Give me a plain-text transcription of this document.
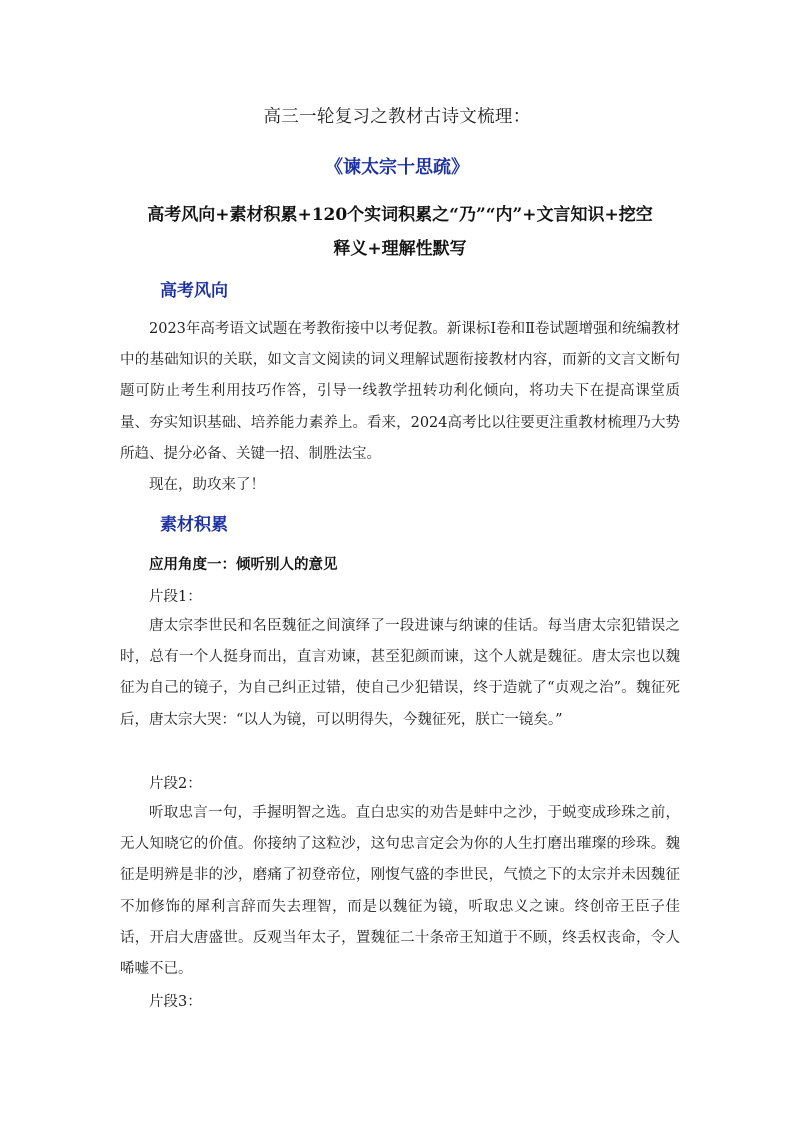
高三一轮复习之教材古诗文梳理：
《谏太宗十思疏》
高考风向+素材积累+120个实词积累之“乃”“内”+文言知识+挖空
释义+理解性默写
高考风向

2023年高考语文试题在考教衔接中以考促教。新课标Ⅰ卷和Ⅱ卷试题增强和统编教材中的基础知识的关联，如文言文阅读的词义理解试题衔接教材内容，而新的文言文断句题可防止考生利用技巧作答，引导一线教学扭转功利化倾向，将功夫下在提高课堂质量、夯实知识基础、培养能力素养上。看来，2024高考比以往要更注重教材梳理乃大势所趋、提分必备、关键一招、制胜法宝。

现在，助攻来了！

素材积累
应用角度一：倾听别人的意见
片段1：

唐太宗李世民和名臣魏征之间演绎了一段进谏与纳谏的佳话。每当唐太宗犯错误之时，总有一个人挺身而出，直言劝谏，甚至犯颜而谏，这个人就是魏征。唐太宗也以魏征为自己的镜子，为自己纠正过错，使自己少犯错误，终于造就了“贞观之治”。魏征死后，唐太宗大哭：“以人为镜，可以明得失，今魏征死，朕亡一镜矣。”

片段2：

听取忠言一句，手握明智之选。直白忠实的劝告是蚌中之沙，于蜕变成珍珠之前，无人知晓它的价值。你接纳了这粒沙，这句忠言定会为你的人生打磨出璀璨的珍珠。魏征是明辨是非的沙，磨痛了初登帝位，刚愎气盛的李世民，气愤之下的太宗并未因魏征不加修饰的犀利言辞而失去理智，而是以魏征为镜，听取忠义之谏。终创帝王臣子佳话，开启大唐盛世。反观当年太子，置魏征二十条帝王知道于不顾，终丢权丧命，令人唏嘘不已。

片段3：
